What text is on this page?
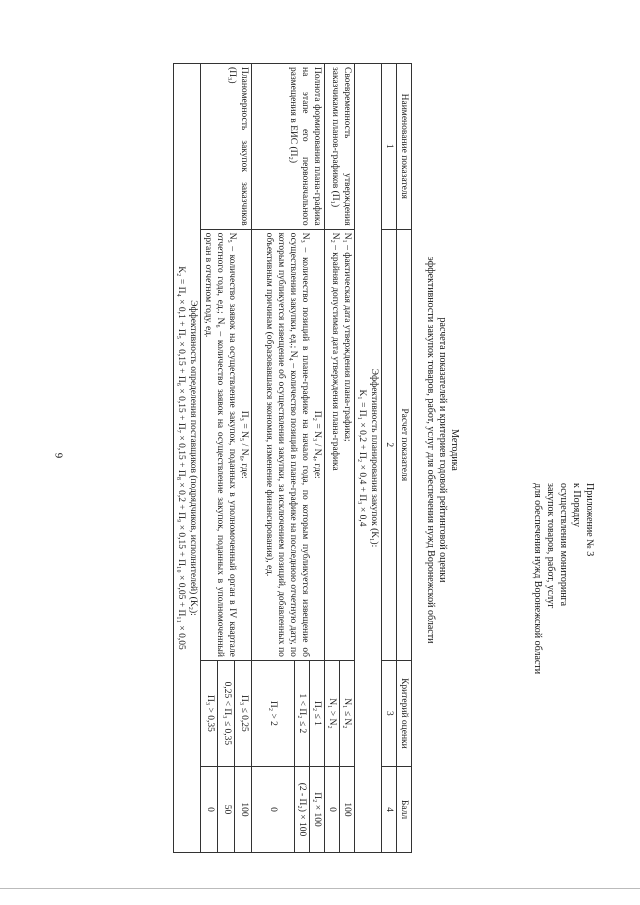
6
Приложение № 3
к Порядку
осуществления мониторинга
закупок товаров, работ, услуг
для обеспечения нужд Воронежской области
Методика
расчета показателей и критериев годовой рейтинговой оценки
эффективности закупок товаров, работ, услуг для обеспечения нужд Воронежской области
Наименование показателя	Расчет показателя	Критерий оценки	Балл
1	2	3	4

Эффективность планирования закупок (K₁):
K₁ = П₁ × 0,2 + П₂ × 0,4 + П₃ × 0,4			

Своевременность утверждения заказчиками планов-графиков (П₁)	N₁ – фактическая дата утверждения плана-графика;
N₂ – крайняя допустимая дата утверждения плана-графика	N₁ ≤ N₂	100
		N₁ > N₂	0
Полнота формирования плана-графика на этапе его первоначального размещения в ЕИС (П₂)	П₂ = N₃ / N₄, где:
N₃ – количество позиций в плане-графике на начало года, по которым публикуется извещение об осуществлении закупки, ед.; N₄ – количество позиций в плане-графике на последнюю отчетную дату, по которым публикуется извещение об осуществлении закупки, за исключением позиций, добавленных по объективным причинам (образовавшаяся экономия, изменение финансирования), ед.	П₂ ≤ 1	П₂ × 100
		1 < П₂ ≤ 2	(2 - П₂) × 100
		П₂ > 2	0
Планомерность закупок заказчиков (П₃)	П₃ = N₅ / N₆, где:
N₅ – количество заявок на осуществление закупок, поданных в уполномоченный орган в IV квартале отчетного года, ед.; N₆ – количество заявок на осуществление закупок, поданных в уполномоченный орган в отчетном году, ед.	П₃ ≤ 0,25	100
		0,25 < П₃ ≤ 0,35	50
		П₃ > 0,35	0

Эффективность определения поставщиков (подрядчиков, исполнителей) (K₂):
K₂ = П₄ × 0,1 + П₅ × 0,15 + П₆ × 0,15 + П₇ × 0,15 + П₈ × 0,2 + П₉ × 0,15 + П₁₀ × 0,05 + П₁₁ × 0,05			
